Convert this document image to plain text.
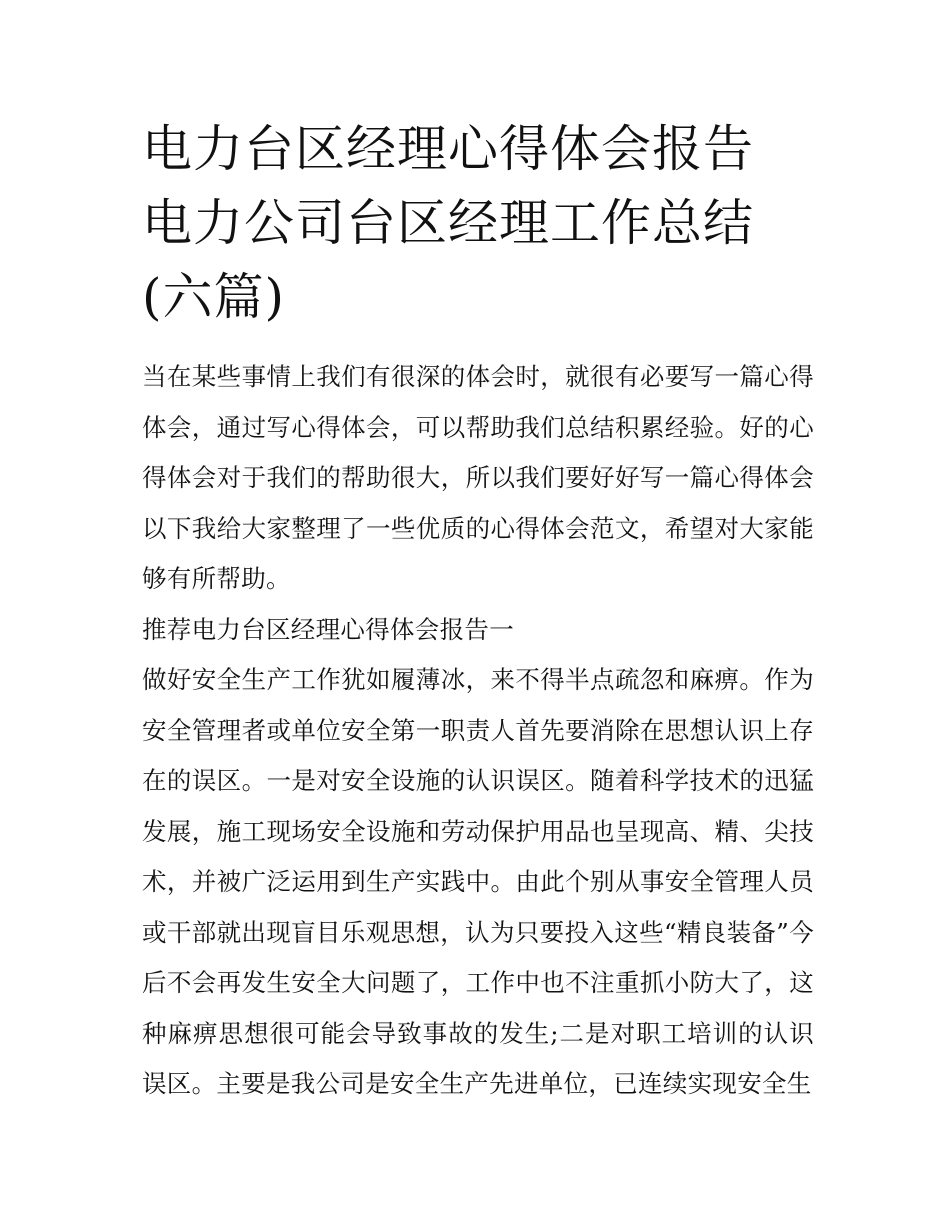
电力台区经理心得体会报告 电力公司台区经理工作总结(六篇)

当在某些事情上我们有很深的体会时，就很有必要写一篇心得体会，通过写心得体会，可以帮助我们总结积累经验。好的心得体会对于我们的帮助很大，所以我们要好好写一篇心得体会以下我给大家整理了一些优质的心得体会范文，希望对大家能够有所帮助。

推荐电力台区经理心得体会报告一

做好安全生产工作犹如履薄冰，来不得半点疏忽和麻痹。作为安全管理者或单位安全第一职责人首先要消除在思想认识上存在的误区。一是对安全设施的认识误区。随着科学技术的迅猛发展，施工现场安全设施和劳动保护用品也呈现高、精、尖技术，并被广泛运用到生产实践中。由此个别从事安全管理人员或干部就出现盲目乐观思想，认为只要投入这些“精良装备”今后不会再发生安全大问题了，工作中也不注重抓小防大了，这种麻痹思想很可能会导致事故的发生;二是对职工培训的认识误区。主要是我公司是安全生产先进单位，已连续实现安全生
